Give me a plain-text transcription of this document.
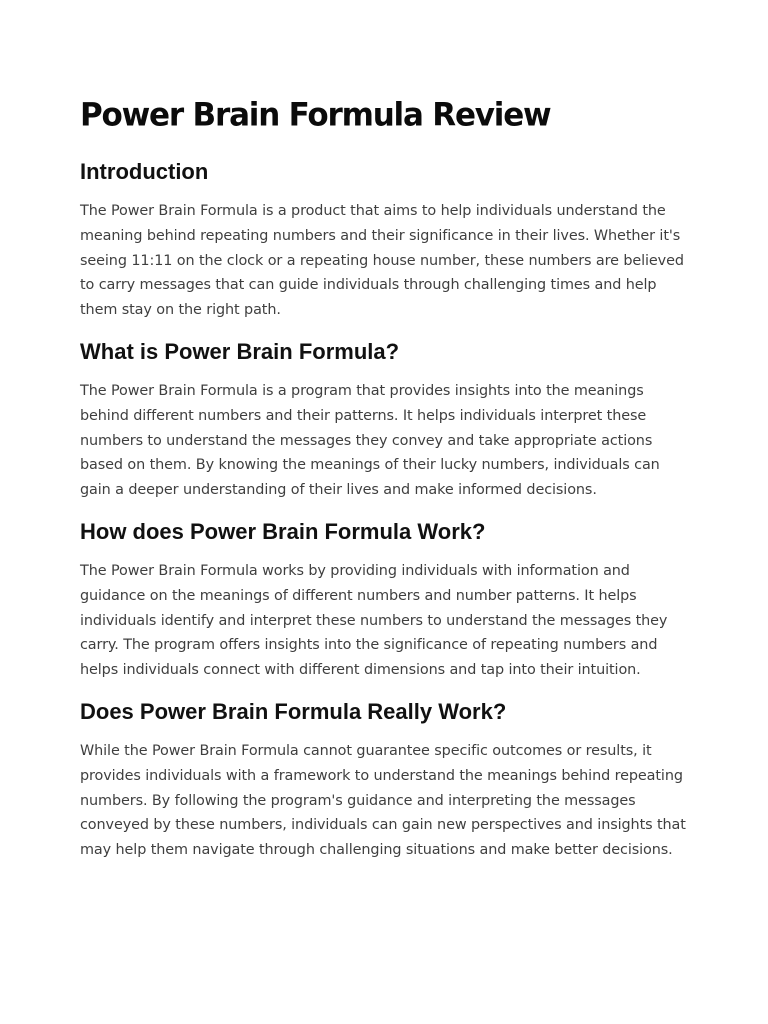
Power Brain Formula Review
Introduction

The Power Brain Formula is a product that aims to help individuals understand the meaning behind repeating numbers and their significance in their lives. Whether it's seeing 11:11 on the clock or a repeating house number, these numbers are believed to carry messages that can guide individuals through challenging times and help them stay on the right path.

What is Power Brain Formula?

The Power Brain Formula is a program that provides insights into the meanings behind different numbers and their patterns. It helps individuals interpret these numbers to understand the messages they convey and take appropriate actions based on them. By knowing the meanings of their lucky numbers, individuals can gain a deeper understanding of their lives and make informed decisions.

How does Power Brain Formula Work?

The Power Brain Formula works by providing individuals with information and guidance on the meanings of different numbers and number patterns. It helps individuals identify and interpret these numbers to understand the messages they carry. The program offers insights into the significance of repeating numbers and helps individuals connect with different dimensions and tap into their intuition.

Does Power Brain Formula Really Work?

While the Power Brain Formula cannot guarantee specific outcomes or results, it provides individuals with a framework to understand the meanings behind repeating numbers. By following the program's guidance and interpreting the messages conveyed by these numbers, individuals can gain new perspectives and insights that may help them navigate through challenging situations and make better decisions.
